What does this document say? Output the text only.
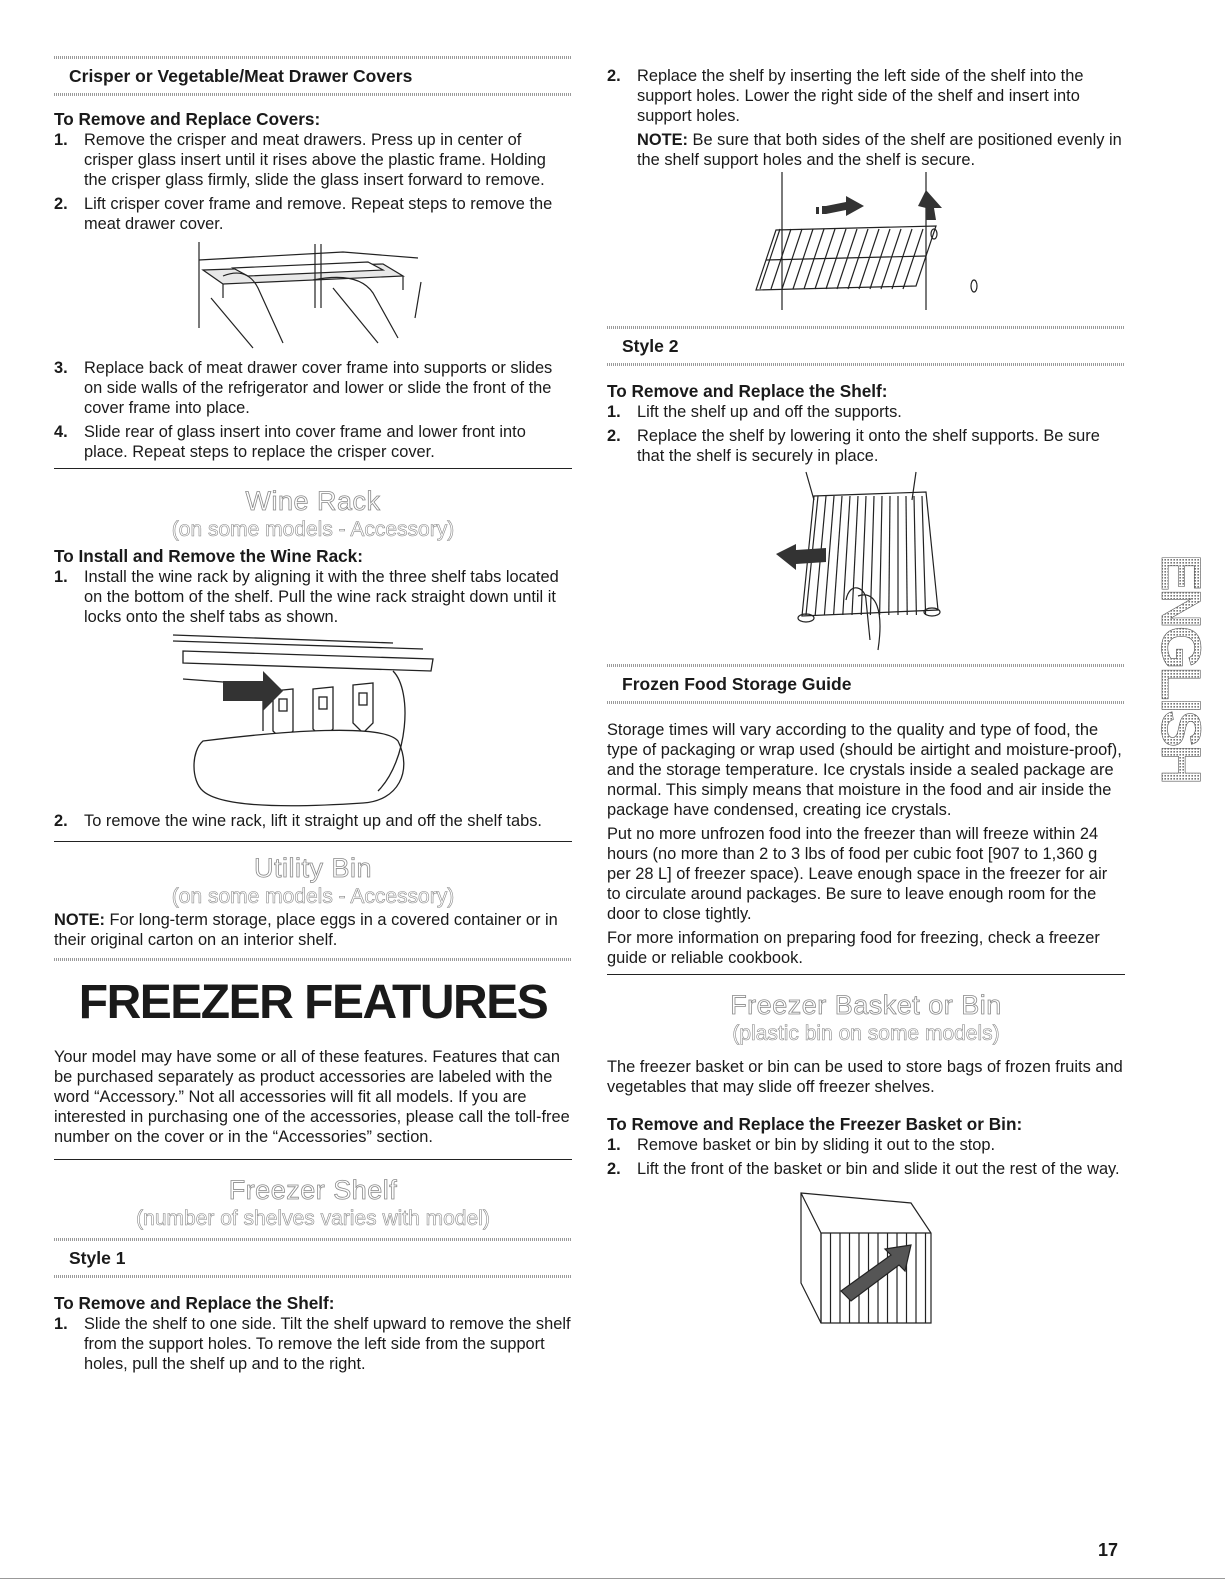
Crisper or Vegetable/Meat Drawer Covers
To Remove and Replace Covers:
1. Remove the crisper and meat drawers. Press up in center of crisper glass insert until it rises above the plastic frame. Holding the crisper glass firmly, slide the glass insert forward to remove.
2. Lift crisper cover frame and remove. Repeat steps to remove the meat drawer cover.
3. Replace back of meat drawer cover frame into supports or slides on side walls of the refrigerator and lower or slide the front of the cover frame into place.
4. Slide rear of glass insert into cover frame and lower front into place. Repeat steps to replace the crisper cover.
Wine Rack
(on some models - Accessory)
To Install and Remove the Wine Rack:
1. Install the wine rack by aligning it with the three shelf tabs located on the bottom of the shelf. Pull the wine rack straight down until it locks onto the shelf tabs as shown.
2. To remove the wine rack, lift it straight up and off the shelf tabs.
Utility Bin
(on some models - Accessory)

NOTE: For long-term storage, place eggs in a covered container or in their original carton on an interior shelf.

FREEZER FEATURES

Your model may have some or all of these features. Features that can be purchased separately as product accessories are labeled with the word “Accessory.” Not all accessories will fit all models. If you are interested in purchasing one of the accessories, please call the toll-free number on the cover or in the “Accessories” section.

Freezer Shelf
(number of shelves varies with model)
Style 1
To Remove and Replace the Shelf:
1. Slide the shelf to one side. Tilt the shelf upward to remove the shelf from the support holes. To remove the left side from the support holes, pull the shelf up and to the right.
2. Replace the shelf by inserting the left side of the shelf into the support holes. Lower the right side of the shelf and insert into support holes.

NOTE: Be sure that both sides of the shelf are positioned evenly in the shelf support holes and the shelf is secure.

Style 2
To Remove and Replace the Shelf:
1. Lift the shelf up and off the supports.
2. Replace the shelf by lowering it onto the shelf supports. Be sure that the shelf is securely in place.
Frozen Food Storage Guide

Storage times will vary according to the quality and type of food, the type of packaging or wrap used (should be airtight and moisture-proof), and the storage temperature. Ice crystals inside a sealed package are normal. This simply means that moisture in the food and air inside the package have condensed, creating ice crystals.

Put no more unfrozen food into the freezer than will freeze within 24 hours (no more than 2 to 3 lbs of food per cubic foot [907 to 1,360 g per 28 L] of freezer space). Leave enough space in the freezer for air to circulate around packages. Be sure to leave enough room for the door to close tightly.

For more information on preparing food for freezing, check a freezer guide or reliable cookbook.

Freezer Basket or Bin
(plastic bin on some models)

The freezer basket or bin can be used to store bags of frozen fruits and vegetables that may slide off freezer shelves.

To Remove and Replace the Freezer Basket or Bin:
1. Remove basket or bin by sliding it out to the stop.
2. Lift the front of the basket or bin and slide it out the rest of the way.
ENGLISH
17
